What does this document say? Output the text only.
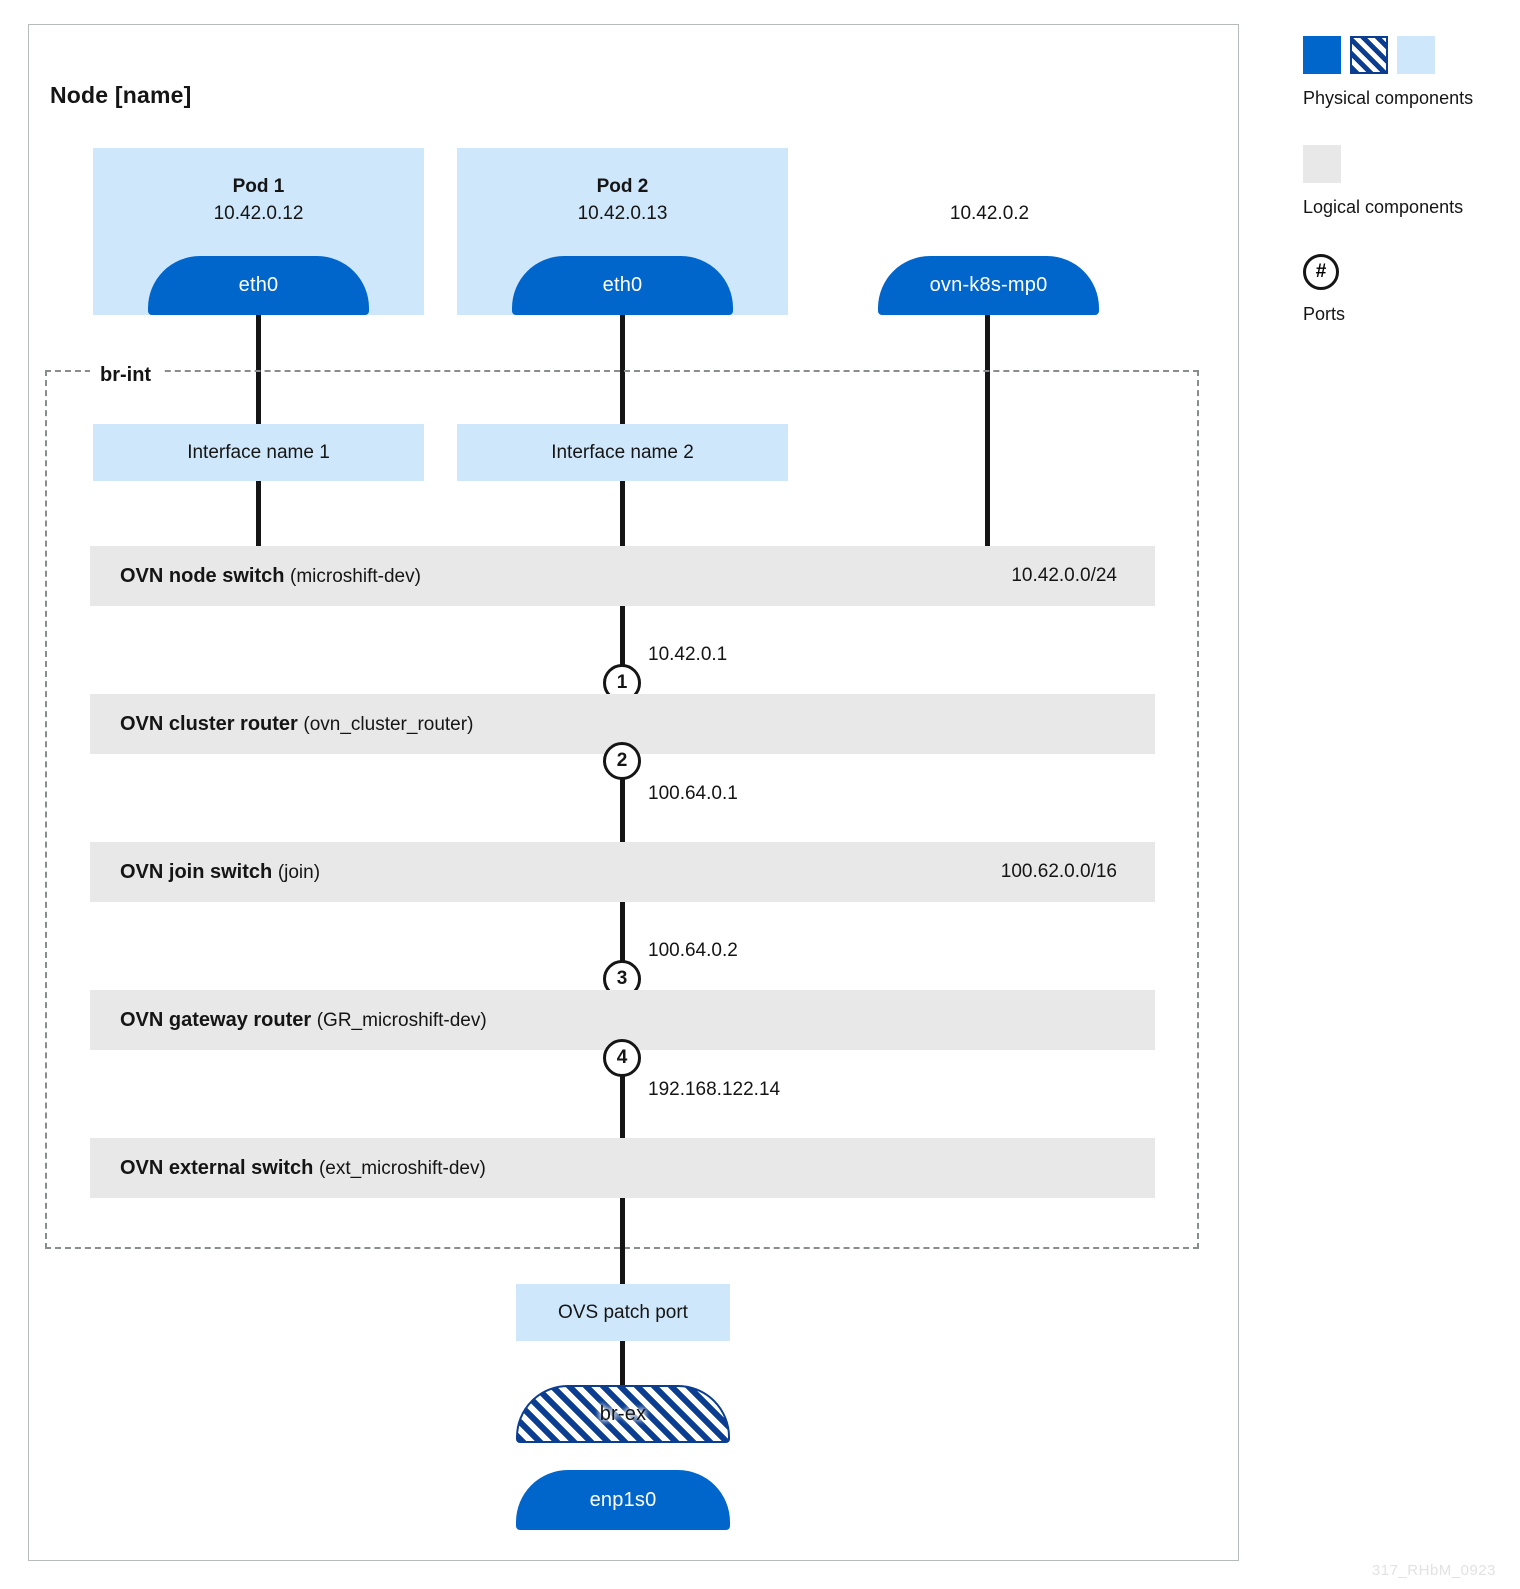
Node [name]
Pod 1
10.42.0.12
eth0
Pod 2
10.42.0.13
eth0
10.42.0.2
ovn-k8s-mp0
br-int
Interface name 1	Interface name 2
OVN node switch (microshift-dev)	10.42.0.0/24
1
10.42.0.1
OVN cluster router (ovn_cluster_router)
2
100.64.0.1
OVN join switch (join)	100.62.0.0/16
3
100.64.0.2
OVN gateway router (GR_microshift-dev)
4
192.168.122.14
OVN external switch (ext_microshift-dev)
OVS patch port
br-ex
enp1s0

Physical components

Logical components

#

Ports

317_RHbM_0923
